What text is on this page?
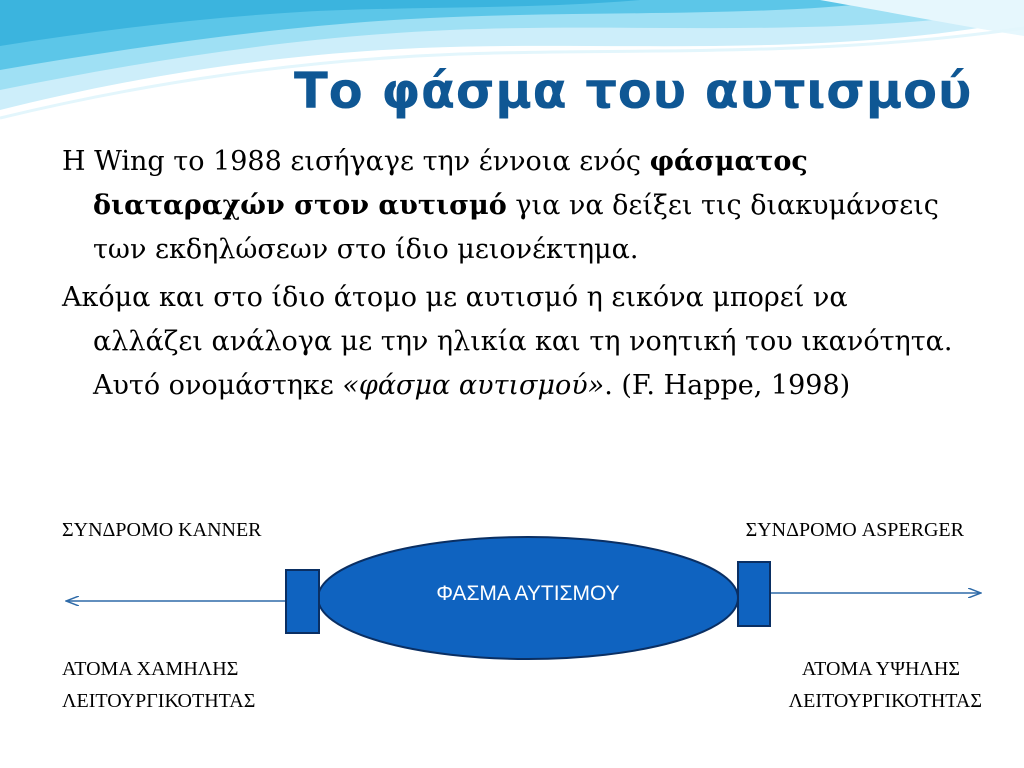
Το φάσμα του αυτισμού

Η Wing το 1988 εισήγαγε την έννοια ενός φάσματος διαταραχών στον αυτισμό για να δείξει τις διακυμάνσεις των εκδηλώσεων στο ίδιο μειονέκτημα.

Ακόμα και στο ίδιο άτομο με αυτισμό η εικόνα μπορεί να αλλάζει ανάλογα με την ηλικία και τη νοητική του ικανότητα. Αυτό ονομάστηκε «φάσμα αυτισμού». (F. Happe, 1998)

ΦΑΣΜΑ ΑΥΤΙΣΜΟΥ
ΣΥΝΔΡΟΜΟ KANNER	ΣΥΝΔΡΟΜΟ ASPERGER
ΑΤΟΜΑ ΧΑΜΗΛΗΣ
ΛΕΙΤΟΥΡΓΙΚΟΤΗΤΑΣ
ΑΤΟΜΑ ΥΨΗΛΗΣ
ΛΕΙΤΟΥΡΓΙΚΟΤΗΤΑΣ
